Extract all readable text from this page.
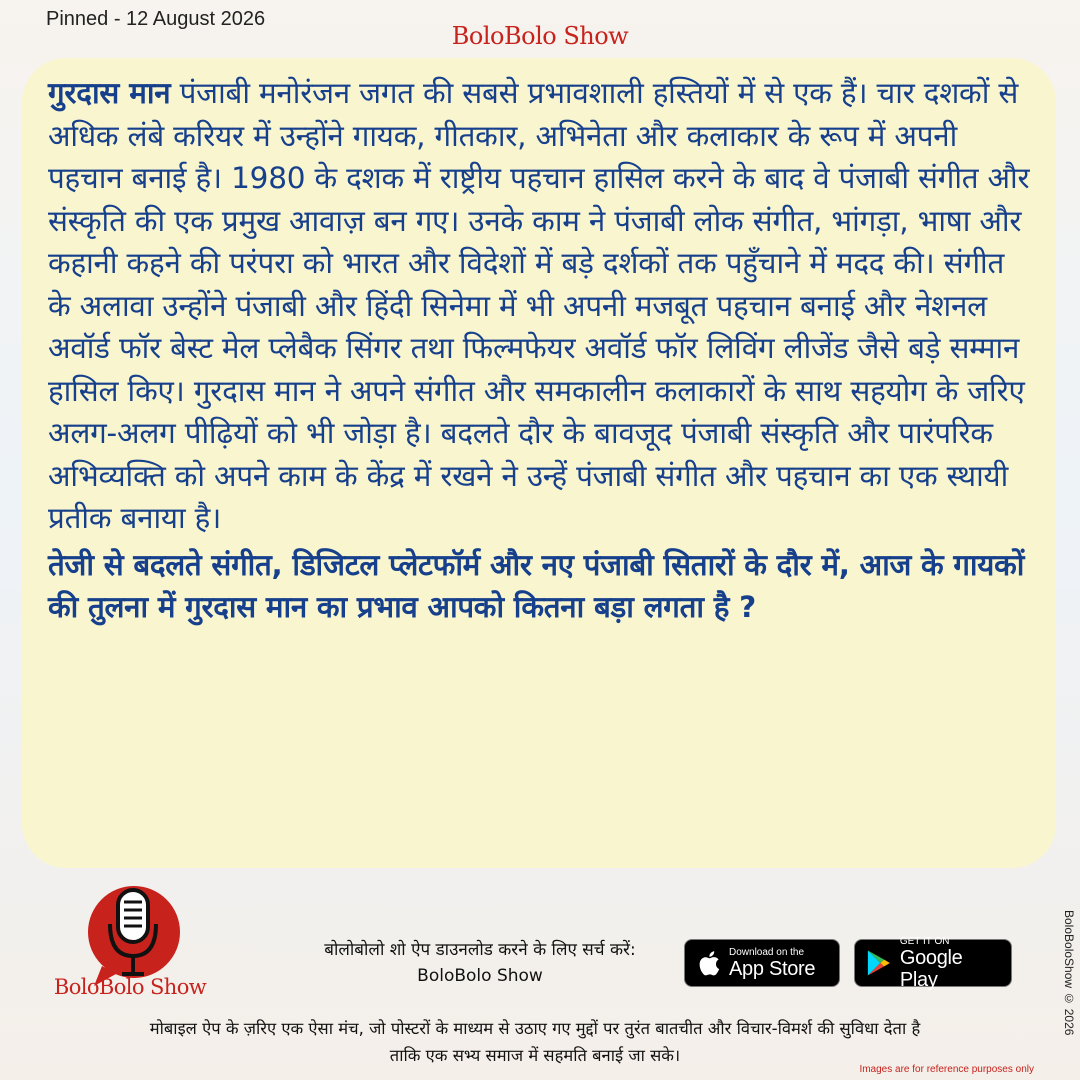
Pinned - 12 August 2026
BoloBolo Show

गुरदास मान पंजाबी मनोरंजन जगत की सबसे प्रभावशाली हस्तियों में से एक हैं। चार दशकों से अधिक लंबे करियर में उन्होंने गायक, गीतकार, अभिनेता और कलाकार के रूप में अपनी पहचान बनाई है। 1980 के दशक में राष्ट्रीय पहचान हासिल करने के बाद वे पंजाबी संगीत और संस्कृति की एक प्रमुख आवाज़ बन गए। उनके काम ने पंजाबी लोक संगीत, भांगड़ा, भाषा और कहानी कहने की परंपरा को भारत और विदेशों में बड़े दर्शकों तक पहुँचाने में मदद की। संगीत के अलावा उन्होंने पंजाबी और हिंदी सिनेमा में भी अपनी मजबूत पहचान बनाई और नेशनल अवॉर्ड फॉर बेस्ट मेल प्लेबैक सिंगर तथा फिल्मफेयर अवॉर्ड फॉर लिविंग लीजेंड जैसे बड़े सम्मान हासिल किए। गुरदास मान ने अपने संगीत और समकालीन कलाकारों के साथ सहयोग के जरिए अलग-अलग पीढ़ियों को भी जोड़ा है। बदलते दौर के बावजूद पंजाबी संस्कृति और पारंपरिक अभिव्यक्ति को अपने काम के केंद्र में रखने ने उन्हें पंजाबी संगीत और पहचान का एक स्थायी प्रतीक बनाया है।

तेजी से बदलते संगीत, डिजिटल प्लेटफॉर्म और नए पंजाबी सितारों के दौर में, आज के गायकों की तुलना में गुरदास मान का प्रभाव आपको कितना बड़ा लगता है ?

BoloBolo Show
बोलोबोलो शो ऐप डाउनलोड करने के लिए सर्च करें:
BoloBolo Show
Download on the
App Store
GET IT ON
Google Play
मोबाइल ऐप के ज़रिए एक ऐसा मंच, जो पोस्टरों के माध्यम से उठाए गए मुद्दों पर तुरंत बातचीत और विचार-विमर्श की सुविधा देता है
ताकि एक सभ्य समाज में सहमति बनाई जा सके।
BoloBoloShow © 2026
Images are for reference purposes only
